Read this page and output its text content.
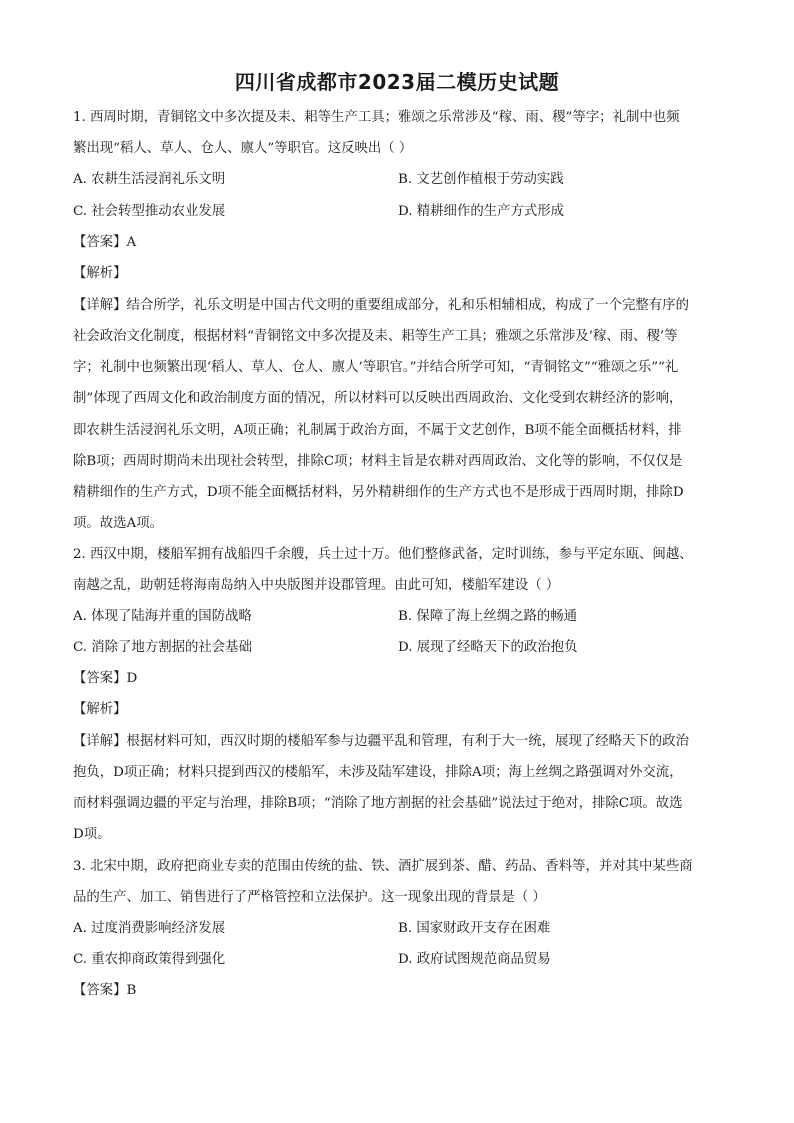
四川省成都市2023届二模历史试题
1. 西周时期，青铜铭文中多次提及耒、耜等生产工具；雅颂之乐常涉及“稼、雨、稷”等字；礼制中也频
繁出现“稻人、草人、仓人、廪人”等职官。这反映出（ ）
A. 农耕生活浸润礼乐文明	B. 文艺创作植根于劳动实践
C. 社会转型推动农业发展	D. 精耕细作的生产方式形成
【答案】A
【解析】
【详解】结合所学，礼乐文明是中国古代文明的重要组成部分，礼和乐相辅相成，构成了一个完整有序的
社会政治文化制度，根据材料“青铜铭文中多次提及耒、耜等生产工具；雅颂之乐常涉及‘稼、雨、稷’等
字；礼制中也频繁出现‘稻人、草人、仓人、廪人’等职官。”并结合所学可知，“青铜铭文”“雅颂之乐”“礼
制”体现了西周文化和政治制度方面的情况，所以材料可以反映出西周政治、文化受到农耕经济的影响，
即农耕生活浸润礼乐文明，A项正确；礼制属于政治方面，不属于文艺创作，B项不能全面概括材料，排
除B项；西周时期尚未出现社会转型，排除C项；材料主旨是农耕对西周政治、文化等的影响，不仅仅是
精耕细作的生产方式，D项不能全面概括材料，另外精耕细作的生产方式也不是形成于西周时期，排除D
项。故选A项。
2. 西汉中期，楼船军拥有战船四千余艘，兵士过十万。他们整修武备，定时训练，参与平定东瓯、闽越、
南越之乱，助朝廷将海南岛纳入中央版图并设郡管理。由此可知，楼船军建设（ ）
A. 体现了陆海并重的国防战略	B. 保障了海上丝绸之路的畅通
C. 消除了地方割据的社会基础	D. 展现了经略天下的政治抱负
【答案】D
【解析】
【详解】根据材料可知，西汉时期的楼船军参与边疆平乱和管理，有利于大一统，展现了经略天下的政治
抱负，D项正确；材料只提到西汉的楼船军，未涉及陆军建设，排除A项；海上丝绸之路强调对外交流，
而材料强调边疆的平定与治理，排除B项；“消除了地方割据的社会基础”说法过于绝对，排除C项。故选
D项。
3. 北宋中期，政府把商业专卖的范围由传统的盐、铁、酒扩展到茶、醋、药品、香料等，并对其中某些商
品的生产、加工、销售进行了严格管控和立法保护。这一现象出现的背景是（ ）
A. 过度消费影响经济发展	B. 国家财政开支存在困难
C. 重农抑商政策得到强化	D. 政府试图规范商品贸易
【答案】B
